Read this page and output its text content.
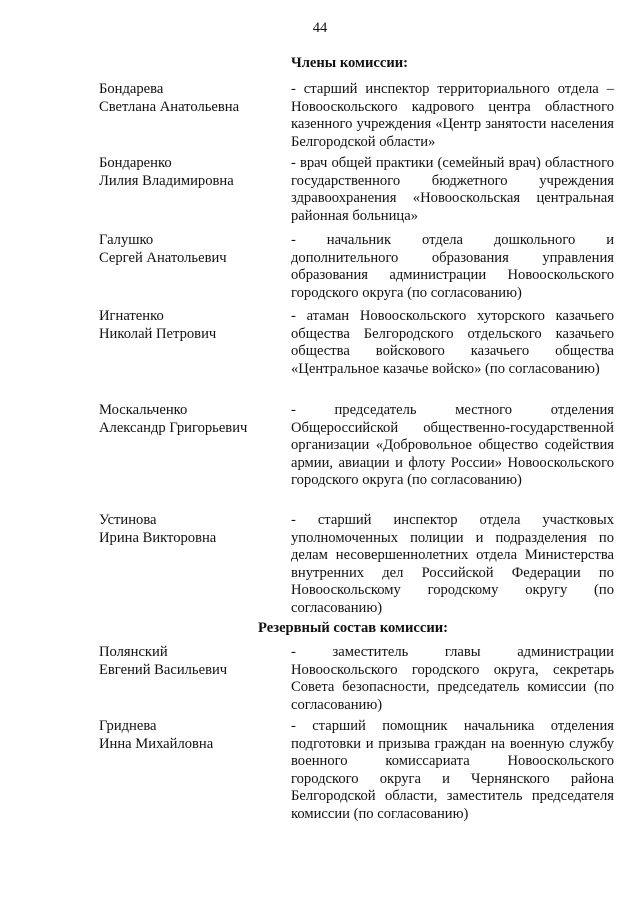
44
Члены комиссии:
Бондарева
Светлана Анатольевна
- старший инспектор территориального отдела – Новооскольского кадрового центра областного казенного учреждения «Центр занятости населения Белгородской области»
Бондаренко
Лилия Владимировна
- врач общей практики (семейный врач) областного государственного бюджетного учреждения здравоохранения «Новооскольская центральная районная больница»
Галушко
Сергей Анатольевич
- начальник отдела дошкольного и дополнительного образования управления образования администрации Новооскольского городского округа (по согласованию)
Игнатенко
Николай Петрович
- атаман Новооскольского хуторского казачьего общества Белгородского отдельского казачьего общества войскового казачьего общества «Центральное казачье войско» (по согласованию)
Москальченко
Александр Григорьевич
- председатель местного отделения Общероссийской общественно-государственной организации «Добровольное общество содействия армии, авиации и флоту России» Новооскольского городского округа (по согласованию)
Устинова
Ирина Викторовна
- старший инспектор отдела участковых уполномоченных полиции и подразделения по делам несовершеннолетних отдела Министерства внутренних дел Российской Федерации по Новооскольскому городскому округу (по согласованию)
Резервный состав комиссии:
Полянский
Евгений Васильевич
- заместитель главы администрации Новооскольского городского округа, секретарь Совета безопасности, председатель комиссии (по согласованию)
Гриднева
Инна Михайловна
- старший помощник начальника отделения подготовки и призыва граждан на военную службу военного комиссариата Новооскольского городского округа и Чернянского района Белгородской области, заместитель председателя комиссии (по согласованию)
